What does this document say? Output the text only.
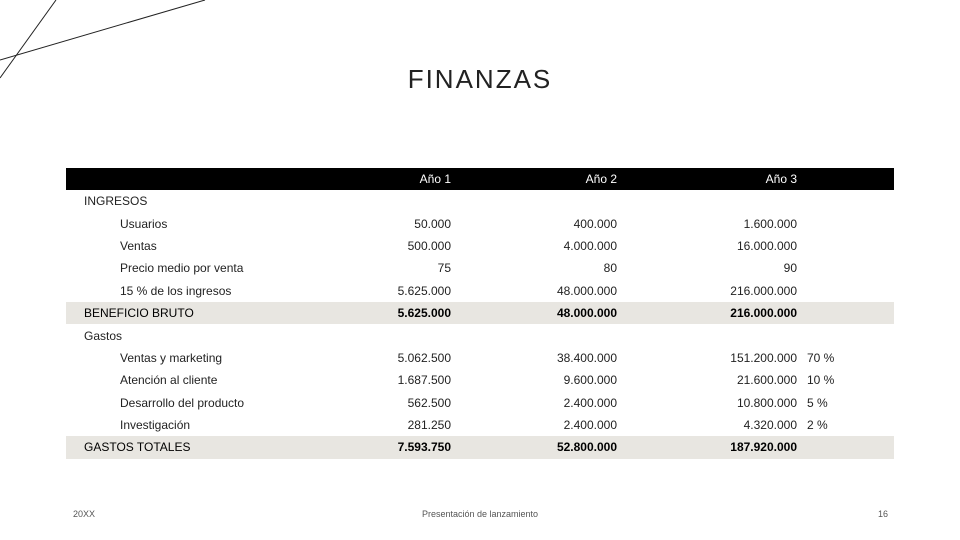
FINANZAS
	Año 1	Año 2	Año 3	
INGRESOS				
Usuarios	50.000	400.000	1.600.000	
Ventas	500.000	4.000.000	16.000.000	
Precio medio por venta	75	80	90	
15 % de los ingresos	5.625.000	48.000.000	216.000.000	
BENEFICIO BRUTO	5.625.000	48.000.000	216.000.000	
Gastos				
Ventas y marketing	5.062.500	38.400.000	151.200.000	70 %
Atención al cliente	1.687.500	9.600.000	21.600.000	10 %
Desarrollo del producto	562.500	2.400.000	10.800.000	5 %
Investigación	281.250	2.400.000	4.320.000	2 %
GASTOS TOTALES	7.593.750	52.800.000	187.920.000	
20XX	Presentación de lanzamiento	16
